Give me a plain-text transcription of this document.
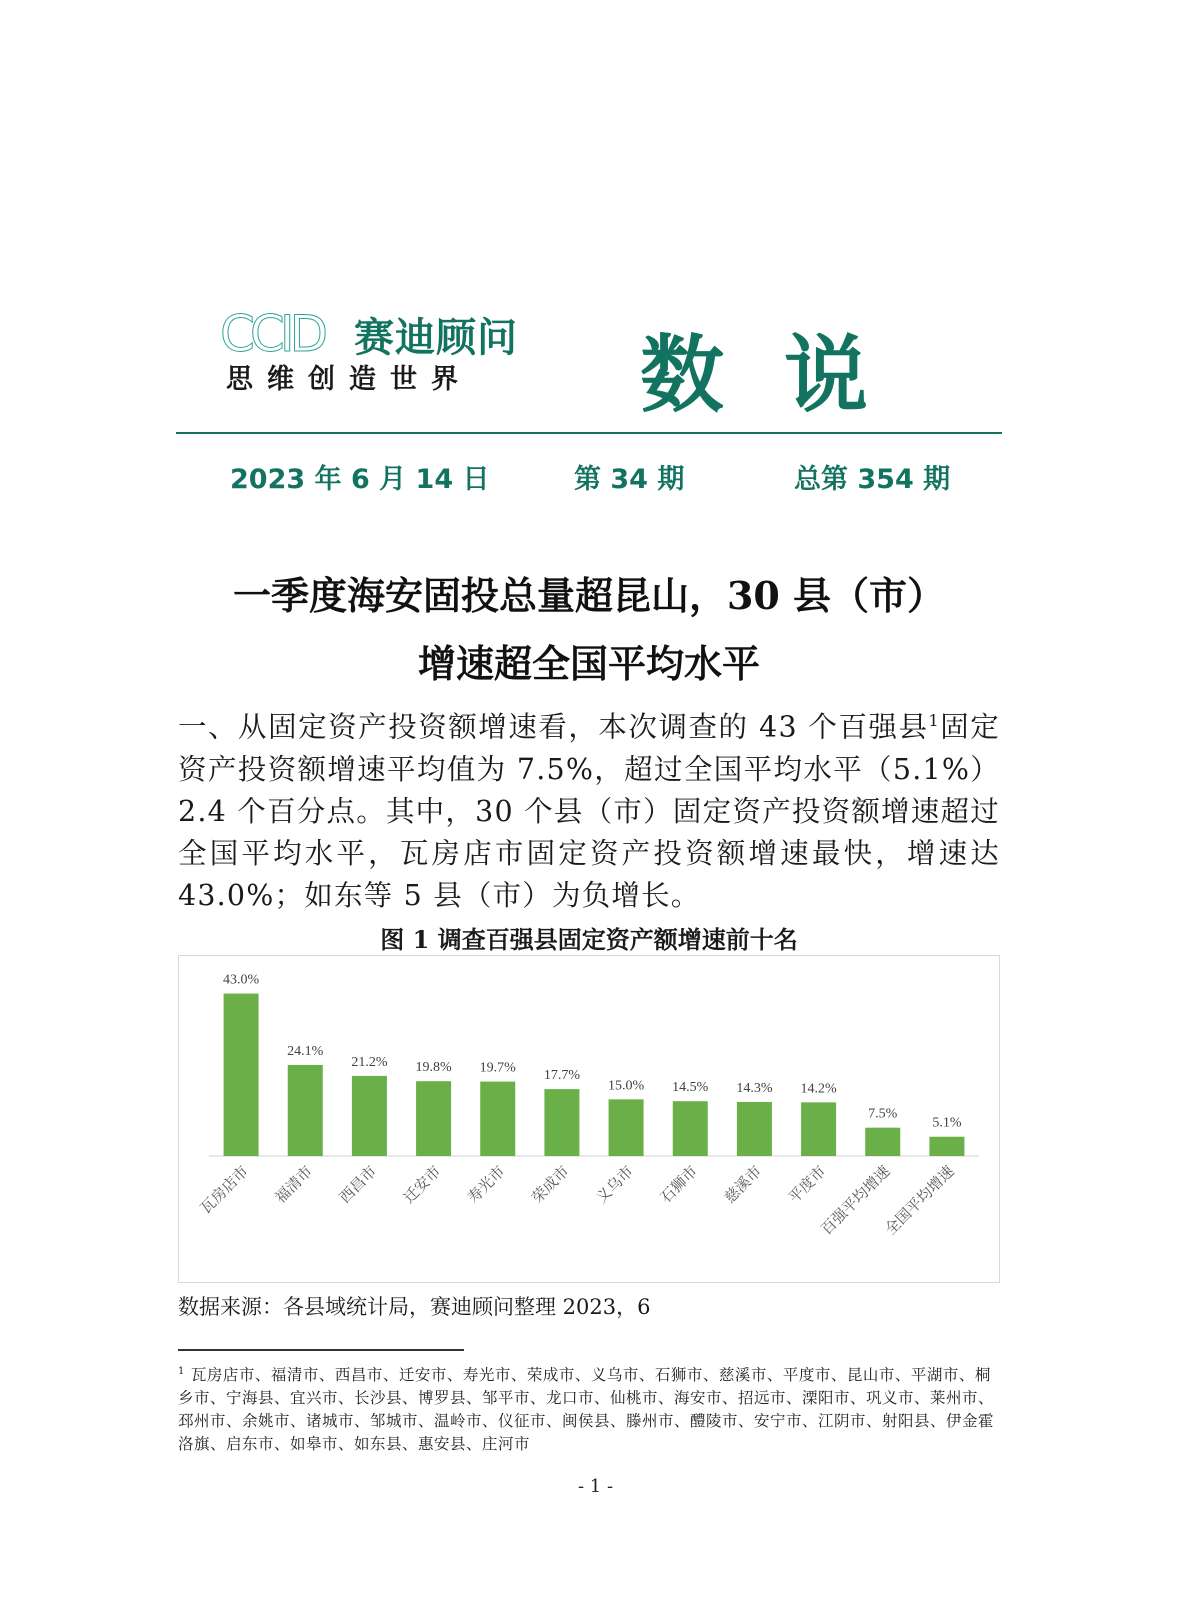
CCID 赛迪顾问
思维创造世界 数说
2023 年 6 月 14 日	第 34 期	总第 354 期
一季度海安固投总量超昆山，30 县（市）
增速超全国平均水平
一、从固定资产投资额增速看，本次调查的 43 个百强县$^1$固定资产投资额增速平均值为 7.5%，超过全国平均水平（5.1%）2.4 个百分点。其中，30 个县（市）固定资产投资额增速超过全国平均水平，瓦房店市固定资产投资额增速最快，增速达 43.0%；如东等 5 县（市）为负增长。
图 1 调查百强县固定资产额增速前十名
43.0%
瓦房店市
24.1%
福清市
21.2%
西昌市
19.8%
迁安市
19.7%
寿光市
17.7%
荣成市
15.0%
义乌市
14.5%
石狮市
14.3%
慈溪市
14.2%
平度市
7.5%
百强平均增速
5.1%
全国平均增速
数据来源：各县域统计局，赛迪顾问整理 2023，6
$^1$ 瓦房店市、福清市、西昌市、迁安市、寿光市、荣成市、义乌市、石狮市、慈溪市、平度市、昆山市、平湖市、桐乡市、宁海县、宜兴市、长沙县、博罗县、邹平市、龙口市、仙桃市、海安市、招远市、溧阳市、巩义市、莱州市、邳州市、余姚市、诸城市、邹城市、温岭市、仪征市、闽侯县、滕州市、醴陵市、安宁市、江阴市、射阳县、伊金霍洛旗、启东市、如皋市、如东县、惠安县、庄河市
- 1 -
